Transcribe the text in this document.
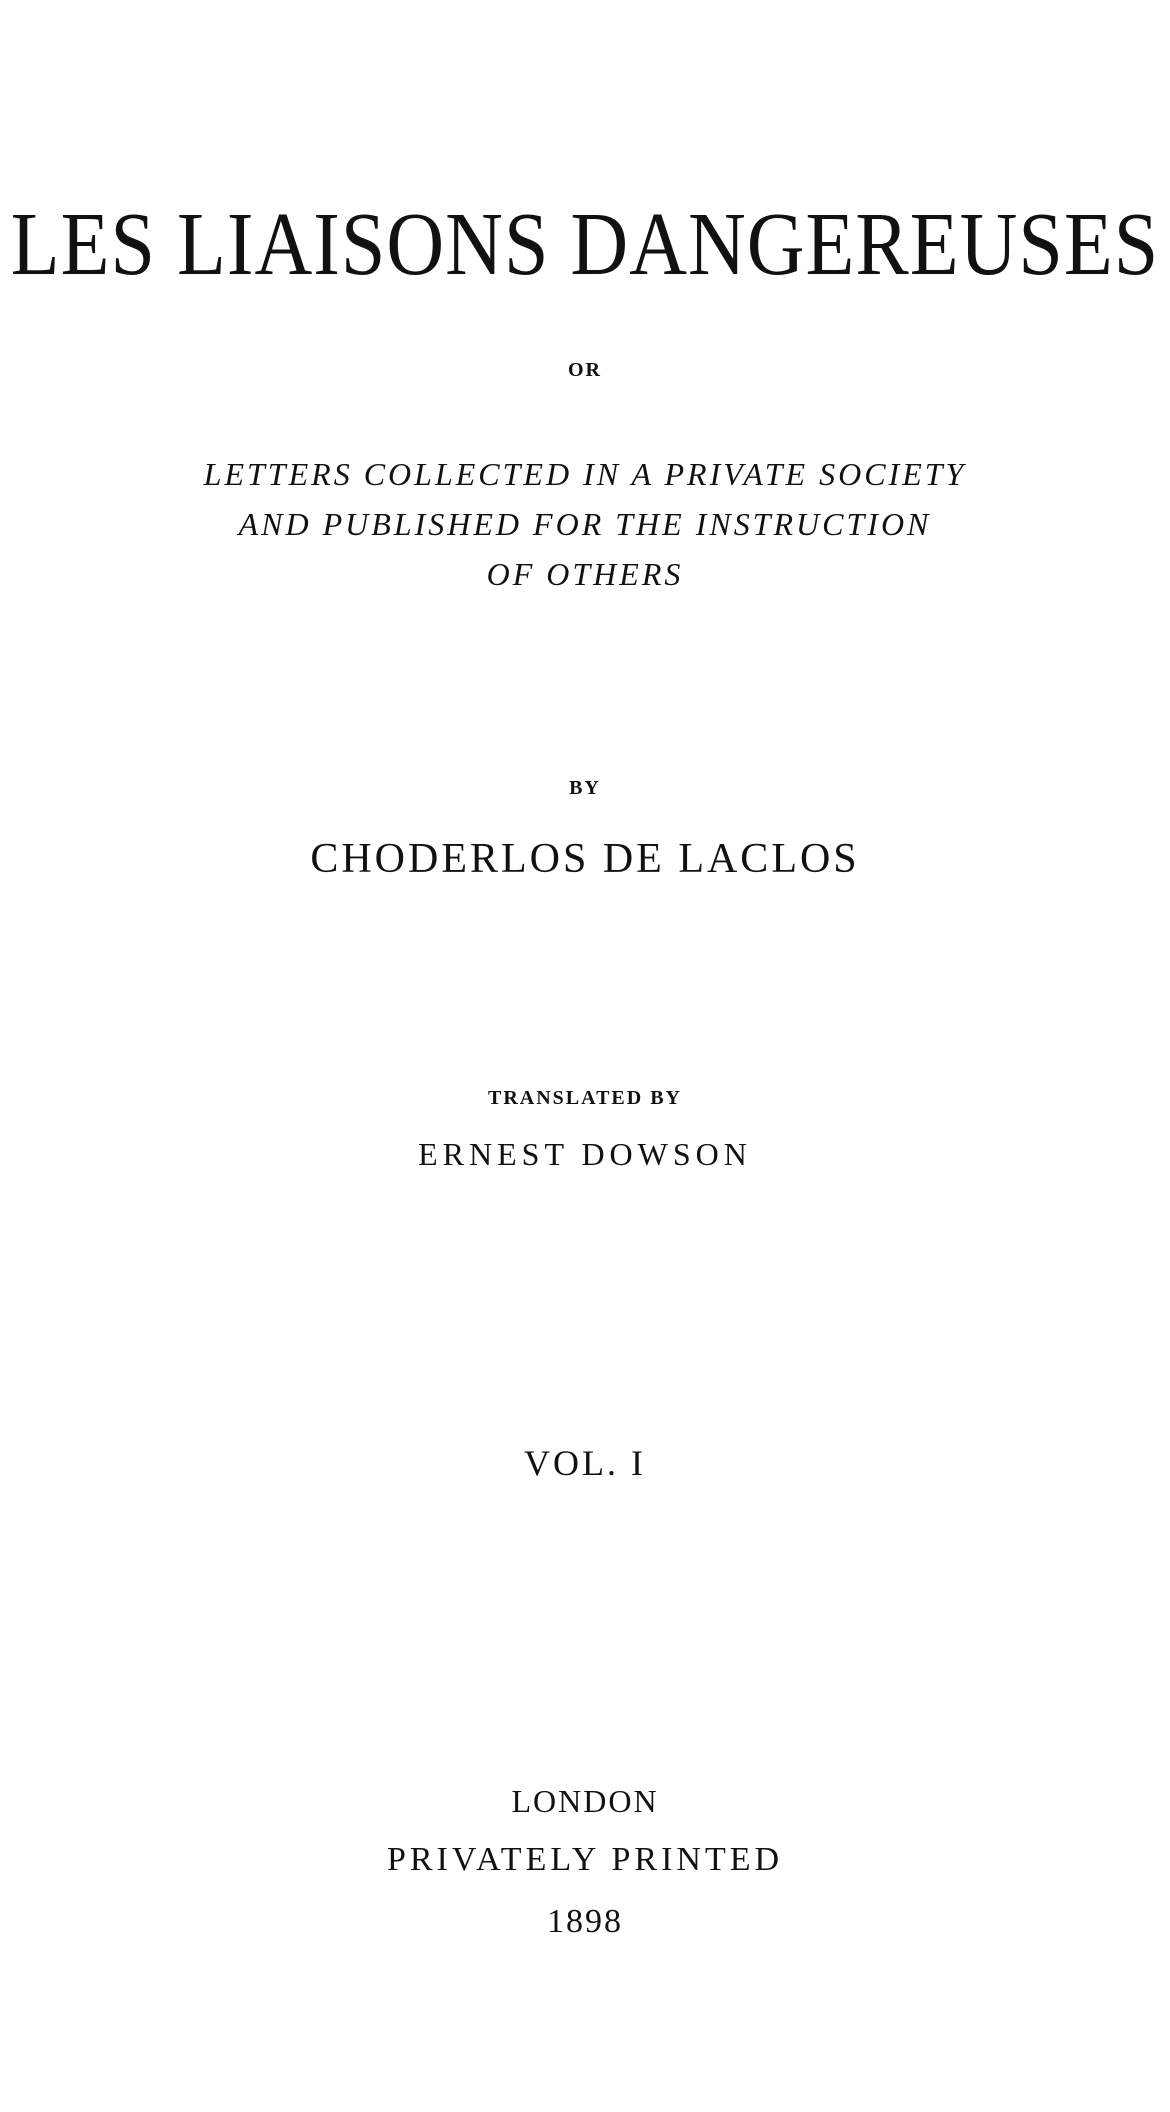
LES LIAISONS DANGEREUSES
OR
LETTERS COLLECTED IN A PRIVATE SOCIETY
AND PUBLISHED FOR THE INSTRUCTION
OF OTHERS
BY
CHODERLOS DE LACLOS
TRANSLATED BY
ERNEST DOWSON
VOL. I
LONDON
PRIVATELY PRINTED
1898
